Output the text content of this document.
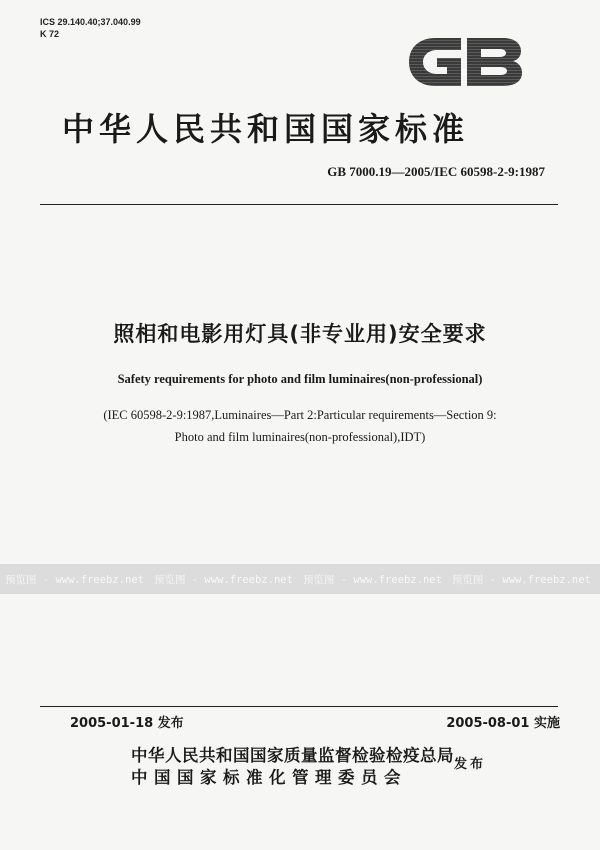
ICS 29.140.40;37.040.99
K 72
中华人民共和国国家标准
GB 7000.19—2005/IEC 60598-2-9:1987
照相和电影用灯具(非专业用)安全要求
Safety requirements for photo and film luminaires(non-professional)
(IEC 60598-2-9:1987,Luminaires—Part 2:Particular requirements—Section 9:
Photo and film luminaires(non-professional),IDT)
预览图 - www.freebz.net 预览图 - www.freebz.net 预览图 - www.freebz.net 预览图 - www.freebz.net
2005-01-18 发布	2005-08-01 实施
中华人民共和国国家质量监督检验检疫总局
中国国家标准化管理委员会
发布
